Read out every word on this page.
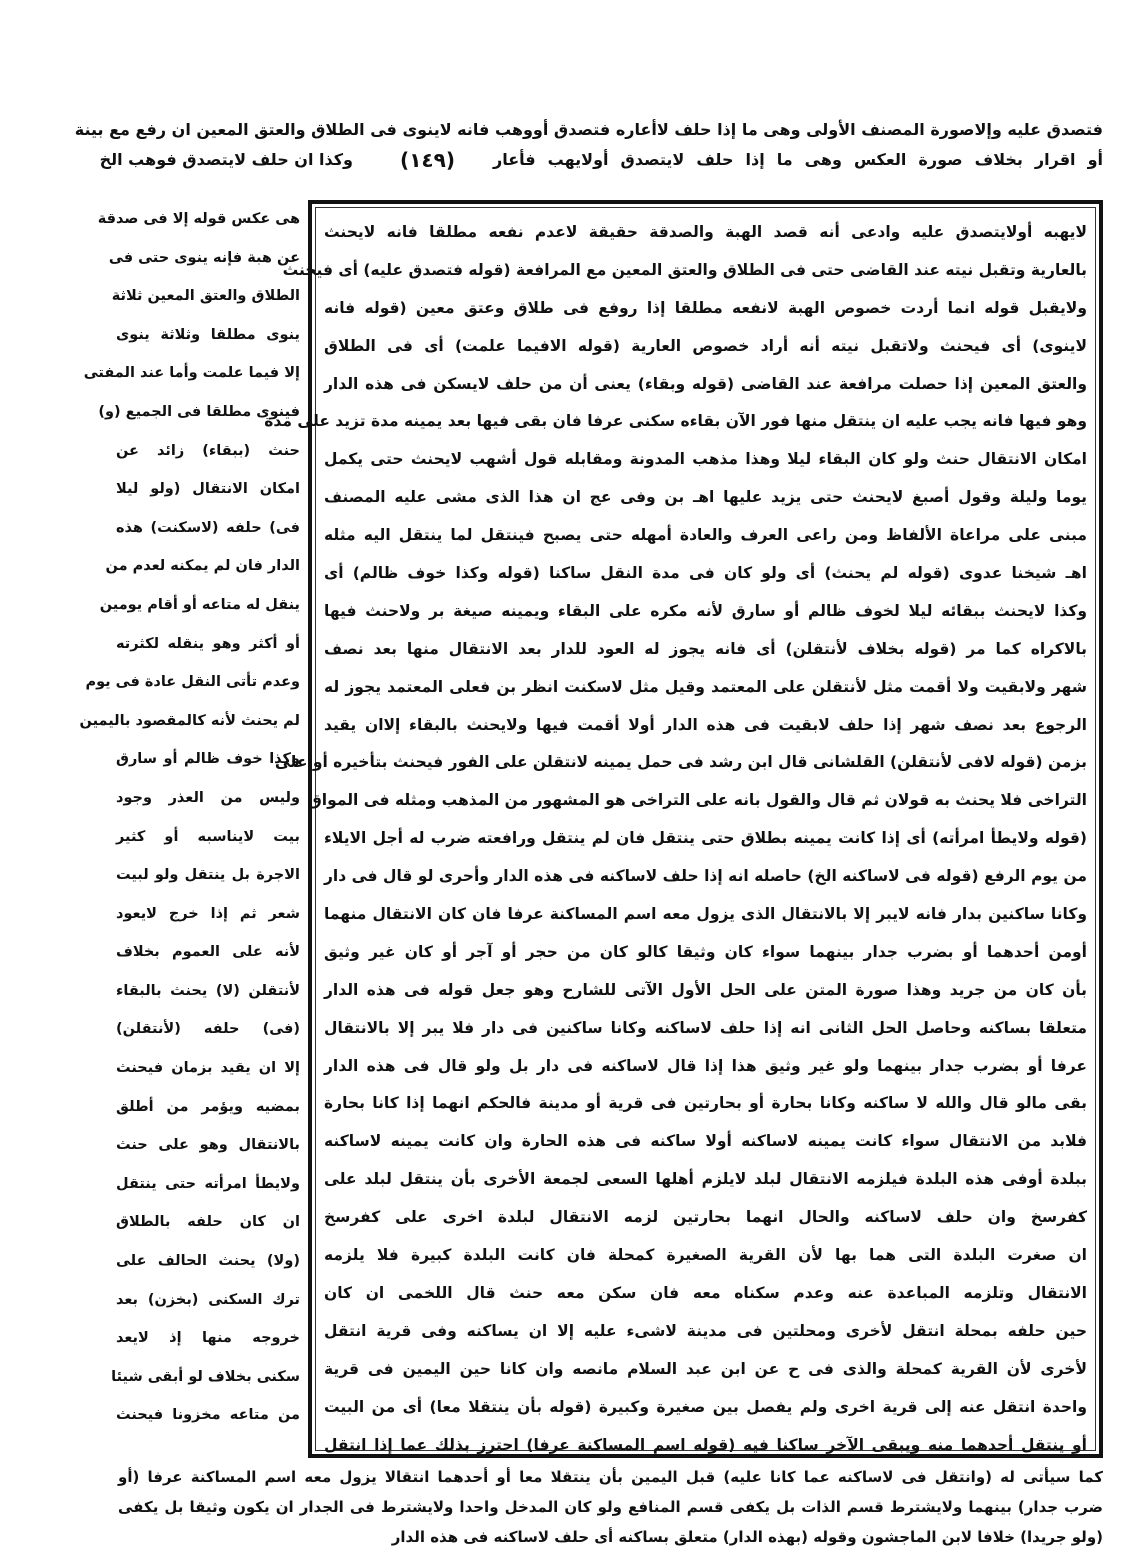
فتصدق عليه وإلاصورة المصنف الأولى وهى ما إذا حلف لاأعاره فتصدق أووهب فانه لاينوى فى الطلاق والعتق المعين ان رفع مع بينة
أو اقرار بخلاف صورة العكس وهى ما إذا حلف لايتصدق أولايهب فأعار
(١٤٩)
وكذا ان حلف لايتصدق فوهب الخ
لايهبه أولايتصدق عليه وادعى أنه قصد الهبة والصدقة حقيقة لاعدم نفعه مطلقا فانه لايحنث
بالعارية وتقبل نيته عند القاضى حتى فى الطلاق والعتق المعين مع المرافعة (قوله فتصدق عليه) أى فيحنث
ولايقبل قوله انما أردت خصوص الهبة لانفعه مطلقا إذا روفع فى طلاق وعتق معين (قوله فانه
لاينوى) أى فيحنث ولاتقبل نيته أنه أراد خصوص العارية (قوله الافيما علمت) أى فى الطلاق
والعتق المعين إذا حصلت مرافعة عند القاضى (قوله وبقاء) يعنى أن من حلف لايسكن فى هذه الدار
وهو فيها فانه يجب عليه ان ينتقل منها فور الآن بقاءه سكنى عرفا فان بقى فيها بعد يمينه مدة تزيد على مدة
امكان الانتقال حنث ولو كان البقاء ليلا وهذا مذهب المدونة ومقابله قول أشهب لايحنث حتى يكمل
يوما وليلة وقول أصبغ لايحنث حتى يزيد عليها اهـ بن وفى عج ان هذا الذى مشى عليه المصنف
مبنى على مراعاة الألفاظ ومن راعى العرف والعادة أمهله حتى يصبح فينتقل لما ينتقل اليه مثله
اهـ شيخنا عدوى (قوله لم يحنث) أى ولو كان فى مدة النقل ساكنا (قوله وكذا خوف ظالم) أى
وكذا لايحنث ببقائه ليلا لخوف ظالم أو سارق لأنه مكره على البقاء ويمينه صيغة بر ولاحنث فيها
بالاكراه كما مر (قوله بخلاف لأنتقلن) أى فانه يجوز له العود للدار بعد الانتقال منها بعد نصف
شهر ولابقيت ولا أقمت مثل لأنتقلن على المعتمد وقيل مثل لاسكنت انظر بن فعلى المعتمد يجوز له
الرجوع بعد نصف شهر إذا حلف لابقيت فى هذه الدار أولا أقمت فيها ولايحنث بالبقاء إلاان يقيد
بزمن (قوله لافى لأنتقلن) القلشانى قال ابن رشد فى حمل يمينه لانتقلن على الفور فيحنث بتأخيره أو على
التراخى فلا يحنث به قولان ثم قال والقول بانه على التراخى هو المشهور من المذهب ومثله فى المواق
(قوله ولايطأ امرأته) أى إذا كانت يمينه بطلاق حتى ينتقل فان لم ينتقل ورافعته ضرب له أجل الايلاء
من يوم الرفع (قوله فى لاساكنه الخ) حاصله انه إذا حلف لاساكنه فى هذه الدار وأحرى لو قال فى دار
وكانا ساكنين بدار فانه لايبر إلا بالانتقال الذى يزول معه اسم المساكنة عرفا فان كان الانتقال منهما
أومن أحدهما أو بضرب جدار بينهما سواء كان وثيقا كالو كان من حجر أو آجر أو كان غير وثيق
بأن كان من جريد وهذا صورة المتن على الحل الأول الآتى للشارح وهو جعل قوله فى هذه الدار
متعلقا بساكنه وحاصل الحل الثانى انه إذا حلف لاساكنه وكانا ساكنين فى دار فلا يبر إلا بالانتقال
عرفا أو بضرب جدار بينهما ولو غير وثيق هذا إذا قال لاساكنه فى دار بل ولو قال فى هذه الدار
بقى مالو قال والله لا ساكنه وكانا بحارة أو بحارتين فى قرية أو مدينة فالحكم انهما إذا كانا بحارة
فلابد من الانتقال سواء كانت يمينه لاساكنه أولا ساكنه فى هذه الحارة وان كانت يمينه لاساكنه
ببلدة أوفى هذه البلدة فيلزمه الانتقال لبلد لايلزم أهلها السعى لجمعة الأخرى بأن ينتقل لبلد على
كفرسخ وان حلف لاساكنه والحال انهما بحارتين لزمه الانتقال لبلدة اخرى على كفرسخ
ان صغرت البلدة التى هما بها لأن القرية الصغيرة كمحلة فان كانت البلدة كبيرة فلا يلزمه
الانتقال وتلزمه المباعدة عنه وعدم سكناه معه فان سكن معه حنث قال اللخمى ان كان
حين حلفه بمحلة انتقل لأخرى ومحلتين فى مدينة لاشىء عليه إلا ان يساكنه وفى قرية انتقل
لأخرى لأن القرية كمحلة والذى فى ح عن ابن عبد السلام مانصه وان كانا حين اليمين فى قرية
واحدة انتقل عنه إلى قرية اخرى ولم يفصل بين صغيرة وكبيرة (قوله بأن ينتقلا معا) أى من البيت
أو ينتقل أحدهما منه ويبقى الآخر ساكنا فيه (قوله اسم المساكنة عرفا) احترز بذلك عما إذا انتقل
هى عكس قوله إلا فى صدقة
عن هبة فإنه ينوى حتى فى
الطلاق والعتق المعين ثلاثة
ينوى مطلقا وثلاثة ينوى
إلا فيما علمت وأما عند المفتى
فينوى مطلقا فى الجميع (و)
حنث (ببقاء) زائد عن
امكان الانتقال (ولو ليلا
فى) حلفه (لاسكنت) هذه
الدار فان لم يمكنه لعدم من
ينقل له متاعه أو أقام يومين
أو أكثر وهو ينقله لكثرته
وعدم تأتى النقل عادة فى يوم
لم يحنث لأنه كالمقصود باليمين
وكذا خوف ظالم أو سارق
وليس من العذر وجود
بيت لايناسبه أو كثير
الاجرة بل ينتقل ولو لبيت
شعر ثم إذا خرج لايعود
لأنه على العموم بخلاف
لأنتقلن (لا) يحنث بالبقاء
(فى) حلفه (لأنتقلن)
إلا ان يقيد بزمان فيحنث
بمضيه ويؤمر من أطلق
بالانتقال وهو على حنث
ولايطأ امرأته حتى ينتقل
ان كان حلفه بالطلاق
(ولا) يحنث الحالف على
ترك السكنى (بخزن) بعد
خروجه منها إذ لايعد
سكنى بخلاف لو أبقى شيئا
من متاعه مخزونا فيحنث
كما سيأتى له (وانتقل فى لاساكنه عما كانا عليه) قبل اليمين بأن ينتقلا معا أو أحدهما انتقالا يزول معه اسم المساكنة عرفا (أو
ضرب جدار) بينهما ولايشترط قسم الذات بل يكفى قسم المنافع ولو كان المدخل واحدا ولايشترط فى الجدار ان يكون وثيقا بل يكفى
(ولو جريدا) خلافا لابن الماجشون وقوله (بهذه الدار) متعلق بساكنه أى حلف لاساكنه فى هذه الدار
